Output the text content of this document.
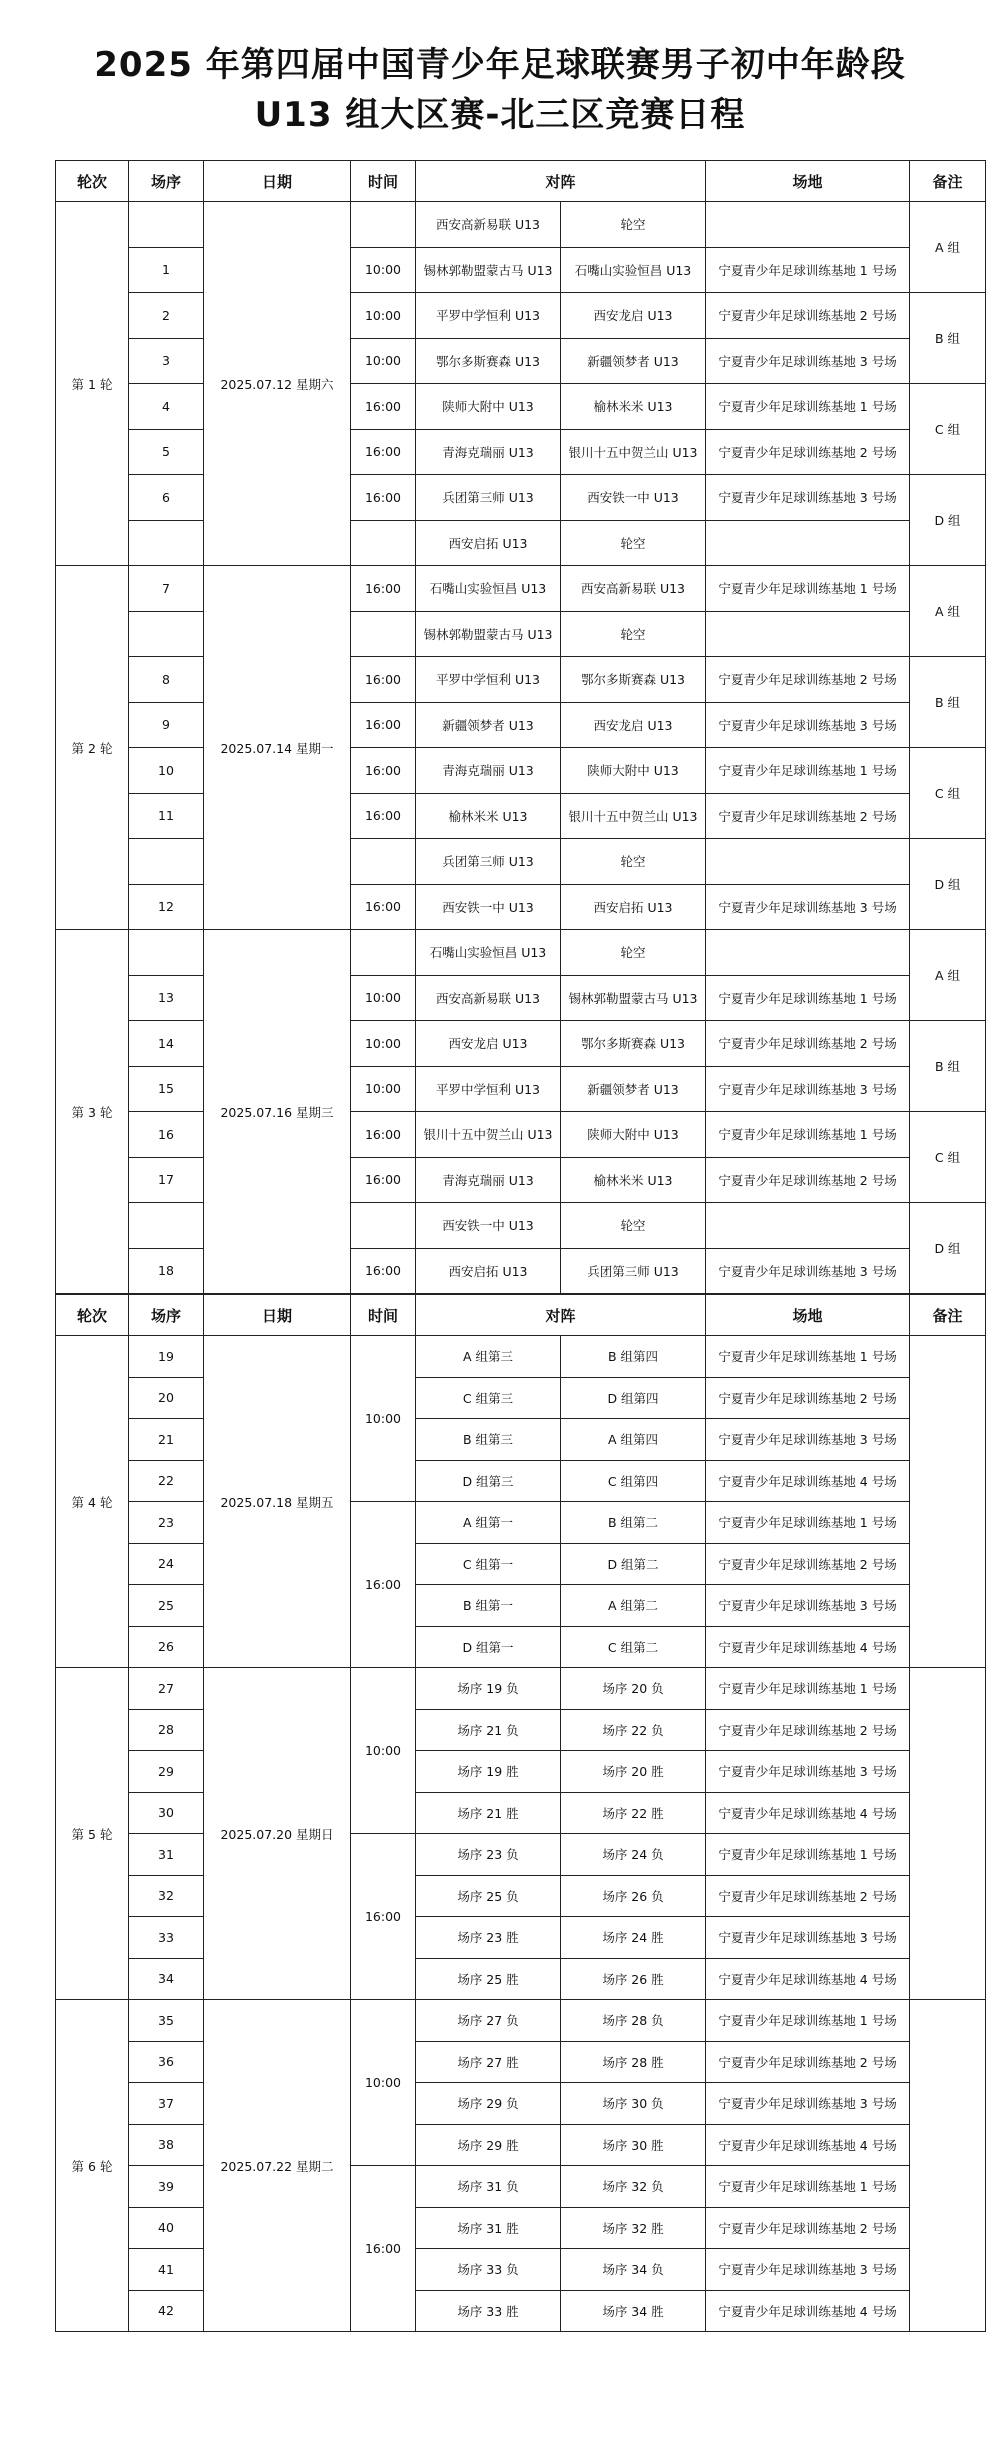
2025 年第四届中国青少年足球联赛男子初中年龄段
U13 组大区赛-北三区竞赛日程
轮次	场序	日期	时间	对阵		场地	备注
第 1 轮		2025.07.12 星期六		西安高新易联 U13	轮空		A 组
	1		10:00	锡林郭勒盟蒙古马 U13	石嘴山实验恒昌 U13	宁夏青少年足球训练基地 1 号场	
	2		10:00	平罗中学恒利 U13	西安龙启 U13	宁夏青少年足球训练基地 2 号场	B 组
	3		10:00	鄂尔多斯赛森 U13	新疆领梦者 U13	宁夏青少年足球训练基地 3 号场	
	4		16:00	陕师大附中 U13	榆林米米 U13	宁夏青少年足球训练基地 1 号场	C 组
	5		16:00	青海克瑞丽 U13	银川十五中贺兰山 U13	宁夏青少年足球训练基地 2 号场	
	6		16:00	兵团第三师 U13	西安铁一中 U13	宁夏青少年足球训练基地 3 号场	D 组
				西安启拓 U13	轮空		
第 2 轮	7	2025.07.14 星期一	16:00	石嘴山实验恒昌 U13	西安高新易联 U13	宁夏青少年足球训练基地 1 号场	A 组
				锡林郭勒盟蒙古马 U13	轮空		
	8		16:00	平罗中学恒利 U13	鄂尔多斯赛森 U13	宁夏青少年足球训练基地 2 号场	B 组
	9		16:00	新疆领梦者 U13	西安龙启 U13	宁夏青少年足球训练基地 3 号场	
	10		16:00	青海克瑞丽 U13	陕师大附中 U13	宁夏青少年足球训练基地 1 号场	C 组
	11		16:00	榆林米米 U13	银川十五中贺兰山 U13	宁夏青少年足球训练基地 2 号场	
				兵团第三师 U13	轮空		D 组
	12		16:00	西安铁一中 U13	西安启拓 U13	宁夏青少年足球训练基地 3 号场	
第 3 轮		2025.07.16 星期三		石嘴山实验恒昌 U13	轮空		A 组
	13		10:00	西安高新易联 U13	锡林郭勒盟蒙古马 U13	宁夏青少年足球训练基地 1 号场	
	14		10:00	西安龙启 U13	鄂尔多斯赛森 U13	宁夏青少年足球训练基地 2 号场	B 组
	15		10:00	平罗中学恒利 U13	新疆领梦者 U13	宁夏青少年足球训练基地 3 号场	
	16		16:00	银川十五中贺兰山 U13	陕师大附中 U13	宁夏青少年足球训练基地 1 号场	C 组
	17		16:00	青海克瑞丽 U13	榆林米米 U13	宁夏青少年足球训练基地 2 号场	
				西安铁一中 U13	轮空		D 组
	18		16:00	西安启拓 U13	兵团第三师 U13	宁夏青少年足球训练基地 3 号场	
轮次	场序	日期	时间	对阵		场地	备注
第 4 轮	19	2025.07.18 星期五	10:00	A 组第三	B 组第四	宁夏青少年足球训练基地 1 号场	
	20			C 组第三	D 组第四	宁夏青少年足球训练基地 2 号场	
	21			B 组第三	A 组第四	宁夏青少年足球训练基地 3 号场	
	22			D 组第三	C 组第四	宁夏青少年足球训练基地 4 号场	
	23		16:00	A 组第一	B 组第二	宁夏青少年足球训练基地 1 号场	
	24			C 组第一	D 组第二	宁夏青少年足球训练基地 2 号场	
	25			B 组第一	A 组第二	宁夏青少年足球训练基地 3 号场	
	26			D 组第一	C 组第二	宁夏青少年足球训练基地 4 号场	
第 5 轮	27	2025.07.20 星期日	10:00	场序 19 负	场序 20 负	宁夏青少年足球训练基地 1 号场	
	28			场序 21 负	场序 22 负	宁夏青少年足球训练基地 2 号场	
	29			场序 19 胜	场序 20 胜	宁夏青少年足球训练基地 3 号场	
	30			场序 21 胜	场序 22 胜	宁夏青少年足球训练基地 4 号场	
	31		16:00	场序 23 负	场序 24 负	宁夏青少年足球训练基地 1 号场	
	32			场序 25 负	场序 26 负	宁夏青少年足球训练基地 2 号场	
	33			场序 23 胜	场序 24 胜	宁夏青少年足球训练基地 3 号场	
	34			场序 25 胜	场序 26 胜	宁夏青少年足球训练基地 4 号场	
第 6 轮	35	2025.07.22 星期二	10:00	场序 27 负	场序 28 负	宁夏青少年足球训练基地 1 号场	
	36			场序 27 胜	场序 28 胜	宁夏青少年足球训练基地 2 号场	
	37			场序 29 负	场序 30 负	宁夏青少年足球训练基地 3 号场	
	38			场序 29 胜	场序 30 胜	宁夏青少年足球训练基地 4 号场	
	39		16:00	场序 31 负	场序 32 负	宁夏青少年足球训练基地 1 号场	
	40			场序 31 胜	场序 32 胜	宁夏青少年足球训练基地 2 号场	
	41			场序 33 负	场序 34 负	宁夏青少年足球训练基地 3 号场	
	42			场序 33 胜	场序 34 胜	宁夏青少年足球训练基地 4 号场	
